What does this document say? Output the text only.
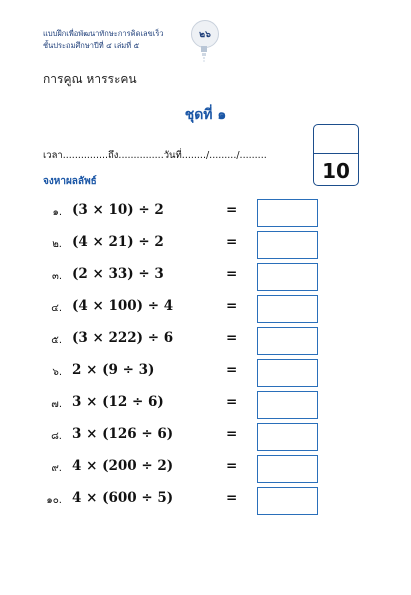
แบบฝึกเพื่อพัฒนาทักษะการคิดเลขเร็ว
ชั้นประถมศึกษาปีที่ ๔ เล่มที่ ๕
๒๖
การคูณ หารระคน
ชุดที่ ๑
เวลา...............ถึง...............วันที่......../........./.........
10
จงหาผลลัพธ์
๑. (3 × 10) ÷ 2	=
๒. (4 × 21) ÷ 2	=
๓. (2 × 33) ÷ 3	=
๔. (4 × 100) ÷ 4	=
๕. (3 × 222) ÷ 6	=
๖. 2 × (9 ÷ 3)	=
๗. 3 × (12 ÷ 6)	=
๘. 3 × (126 ÷ 6)	=
๙. 4 × (200 ÷ 2)	=
๑๐. 4 × (600 ÷ 5)	=
